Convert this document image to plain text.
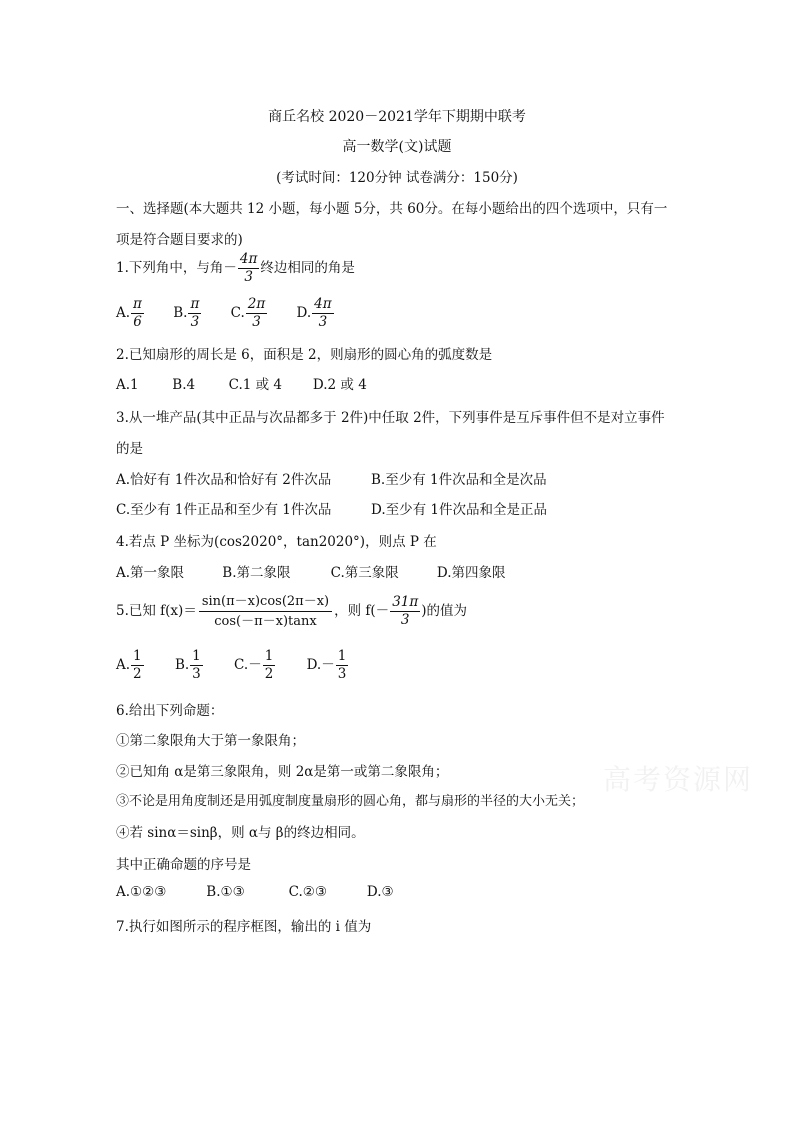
商丘名校 2020－2021学年下期期中联考
高一数学(文)试题
(考试时间：120分钟 试卷满分：150分)
一、选择题(本大题共 12 小题，每小题 5分，共 60分。在每小题给出的四个选项中，只有一
项是符合题目要求的)
1.下列角中，与角－ $\frac{4\pi}{3}$ 终边相同的角是
A. $\frac{\pi}{6} B$. $\frac{\pi}{3} C$. $\frac{2\pi}{3} D$. $\frac{4\pi}{3}$
2.已知扇形的周长是 6，面积是 2，则扇形的圆心角的弧度数是
A.1 B.4 C.1 或 4 D.2 或 4
3.从一堆产品(其中正品与次品都多于 2件)中任取 2件，下列事件是互斥事件但不是对立事件
的是
A.恰好有 1件次品和恰好有 2件次品	B.至少有 1件次品和全是次品
C.至少有 1件正品和至少有 1件次品	D.至少有 1件次品和全是正品
4.若点 P 坐标为(cos2020°，tan2020°)，则点 P 在
A.第一象限	B.第二象限	C.第三象限	D.第四象限
5.已知 $f(x)= \frac{\sin(\pi-x)\cos(2\pi-x)}{\cos(-\pi-x)\tan x}$ ，则 $f(- \frac{31\pi}{3}$ )的值为
A. $\frac{1}{2} B$. $\frac{1}{3} C.- \frac{1}{2} D.- \frac{1}{3}$
6.给出下列命题：
①第二象限角大于第一象限角；
②已知角 α是第三象限角，则 2α是第一或第二象限角；
③不论是用角度制还是用弧度制度量扇形的圆心角，都与扇形的半径的大小无关；
④若 sinα＝sinβ，则 α与 β的终边相同。
其中正确命题的序号是
A.①②③	B.①③	C.②③	D.③
7.执行如图所示的程序框图，输出的 i 值为
高考资源网
